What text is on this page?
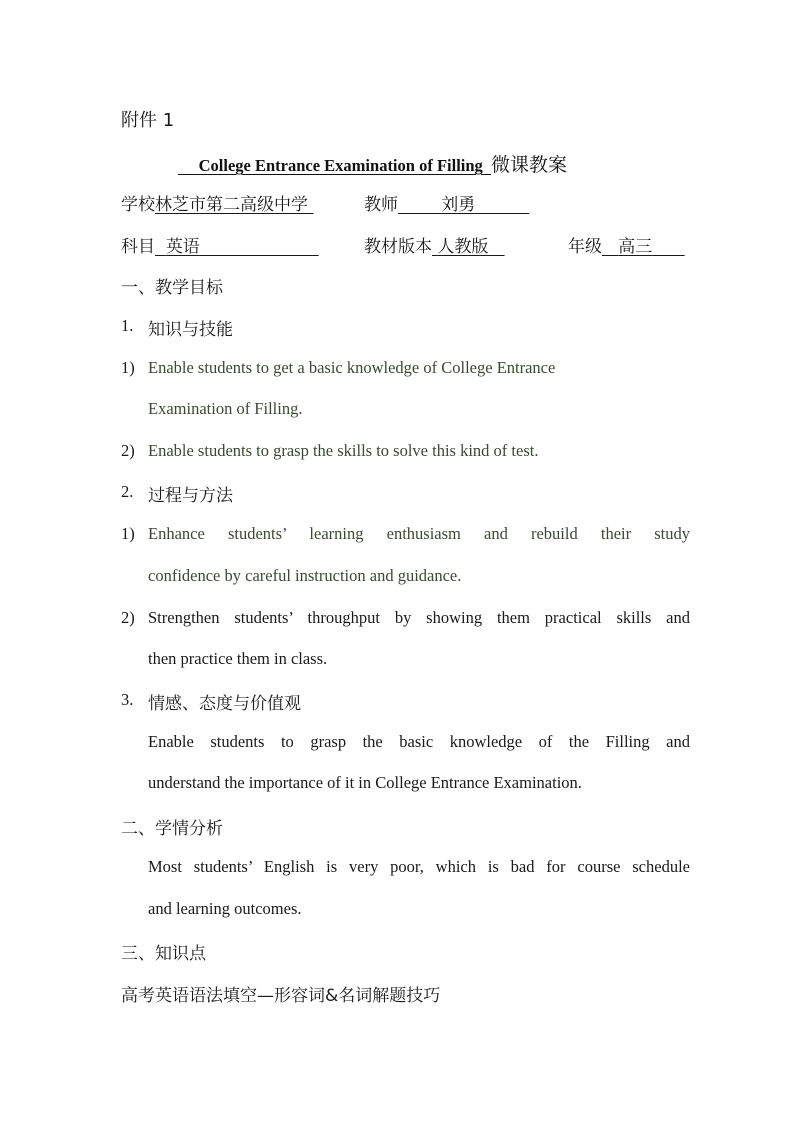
附件 1
College Entrance Examination of Filling 微课教案
学校林芝市第二高级中学	教师	刘勇
科目 英语	教材版本 人教版	年级 高三
一、教学目标
1. 知识与技能
1) Enable students to get a basic knowledge of College Entrance
Examination of Filling.
2) Enable students to grasp the skills to solve this kind of test.
2. 过程与方法
1) Enhance students’ learning enthusiasm and rebuild their study
confidence by careful instruction and guidance.
2) Strengthen students’ throughput by showing them practical skills and
then practice them in class.
3. 情感、态度与价值观
Enable students to grasp the basic knowledge of the Filling and
understand the importance of it in College Entrance Examination.
二、学情分析
Most students’ English is very poor, which is bad for course schedule
and learning outcomes.
三、知识点
高考英语语法填空—形容词&名词解题技巧
